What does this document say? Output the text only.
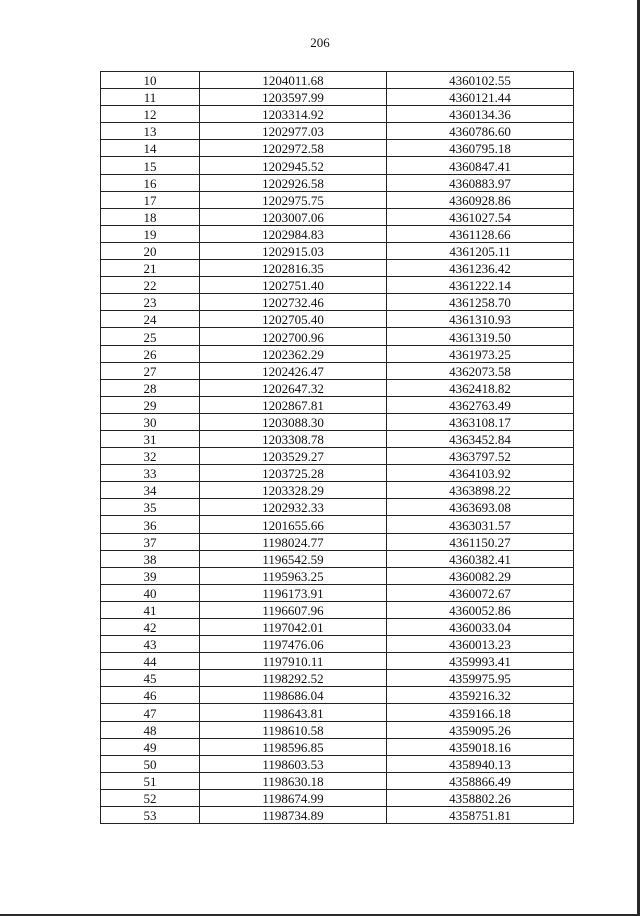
206
10	1204011.68	4360102.55
11	1203597.99	4360121.44
12	1203314.92	4360134.36
13	1202977.03	4360786.60
14	1202972.58	4360795.18
15	1202945.52	4360847.41
16	1202926.58	4360883.97
17	1202975.75	4360928.86
18	1203007.06	4361027.54
19	1202984.83	4361128.66
20	1202915.03	4361205.11
21	1202816.35	4361236.42
22	1202751.40	4361222.14
23	1202732.46	4361258.70
24	1202705.40	4361310.93
25	1202700.96	4361319.50
26	1202362.29	4361973.25
27	1202426.47	4362073.58
28	1202647.32	4362418.82
29	1202867.81	4362763.49
30	1203088.30	4363108.17
31	1203308.78	4363452.84
32	1203529.27	4363797.52
33	1203725.28	4364103.92
34	1203328.29	4363898.22
35	1202932.33	4363693.08
36	1201655.66	4363031.57
37	1198024.77	4361150.27
38	1196542.59	4360382.41
39	1195963.25	4360082.29
40	1196173.91	4360072.67
41	1196607.96	4360052.86
42	1197042.01	4360033.04
43	1197476.06	4360013.23
44	1197910.11	4359993.41
45	1198292.52	4359975.95
46	1198686.04	4359216.32
47	1198643.81	4359166.18
48	1198610.58	4359095.26
49	1198596.85	4359018.16
50	1198603.53	4358940.13
51	1198630.18	4358866.49
52	1198674.99	4358802.26
53	1198734.89	4358751.81
